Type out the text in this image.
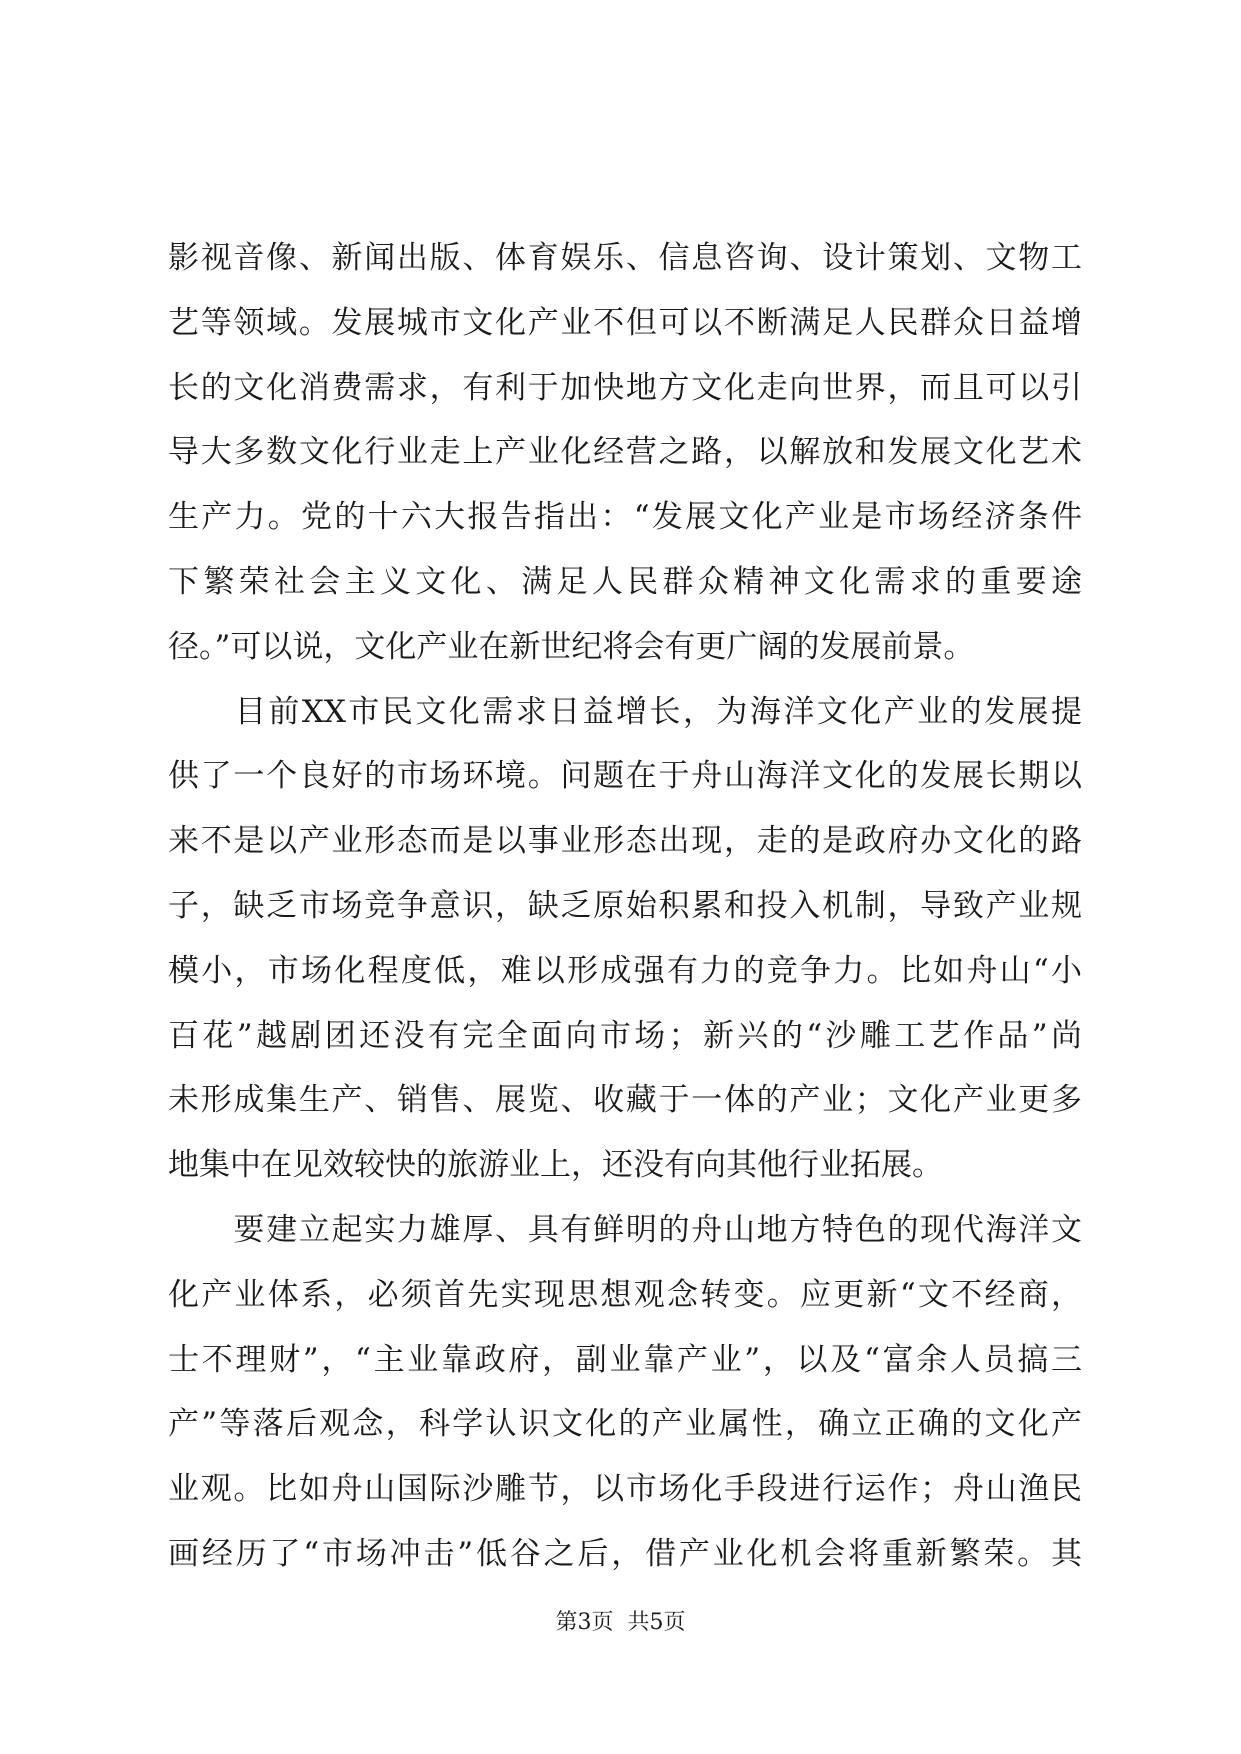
影视音像、新闻出版、体育娱乐、信息咨询、设计策划、文物工
艺等领域。发展城市文化产业不但可以不断满足人民群众日益增
长的文化消费需求，有利于加快地方文化走向世界，而且可以引
导大多数文化行业走上产业化经营之路，以解放和发展文化艺术
生产力。党的十六大报告指出：“发展文化产业是市场经济条件
下繁荣社会主义文化、满足人民群众精神文化需求的重要途
径。”可以说，文化产业在新世纪将会有更广阔的发展前景。
　　目前XX市民文化需求日益增长，为海洋文化产业的发展提
供了一个良好的市场环境。问题在于舟山海洋文化的发展长期以
来不是以产业形态而是以事业形态出现，走的是政府办文化的路
子，缺乏市场竞争意识，缺乏原始积累和投入机制，导致产业规
模小，市场化程度低，难以形成强有力的竞争力。比如舟山“小
百花”越剧团还没有完全面向市场；新兴的“沙雕工艺作品”尚
未形成集生产、销售、展览、收藏于一体的产业；文化产业更多
地集中在见效较快的旅游业上，还没有向其他行业拓展。
　　要建立起实力雄厚、具有鲜明的舟山地方特色的现代海洋文
化产业体系，必须首先实现思想观念转变。应更新“文不经商，
士不理财”，“主业靠政府，副业靠产业”，以及“富余人员搞三
产”等落后观念，科学认识文化的产业属性，确立正确的文化产
业观。比如舟山国际沙雕节，以市场化手段进行运作；舟山渔民
画经历了“市场冲击”低谷之后，借产业化机会将重新繁荣。其
第3页  共5页
